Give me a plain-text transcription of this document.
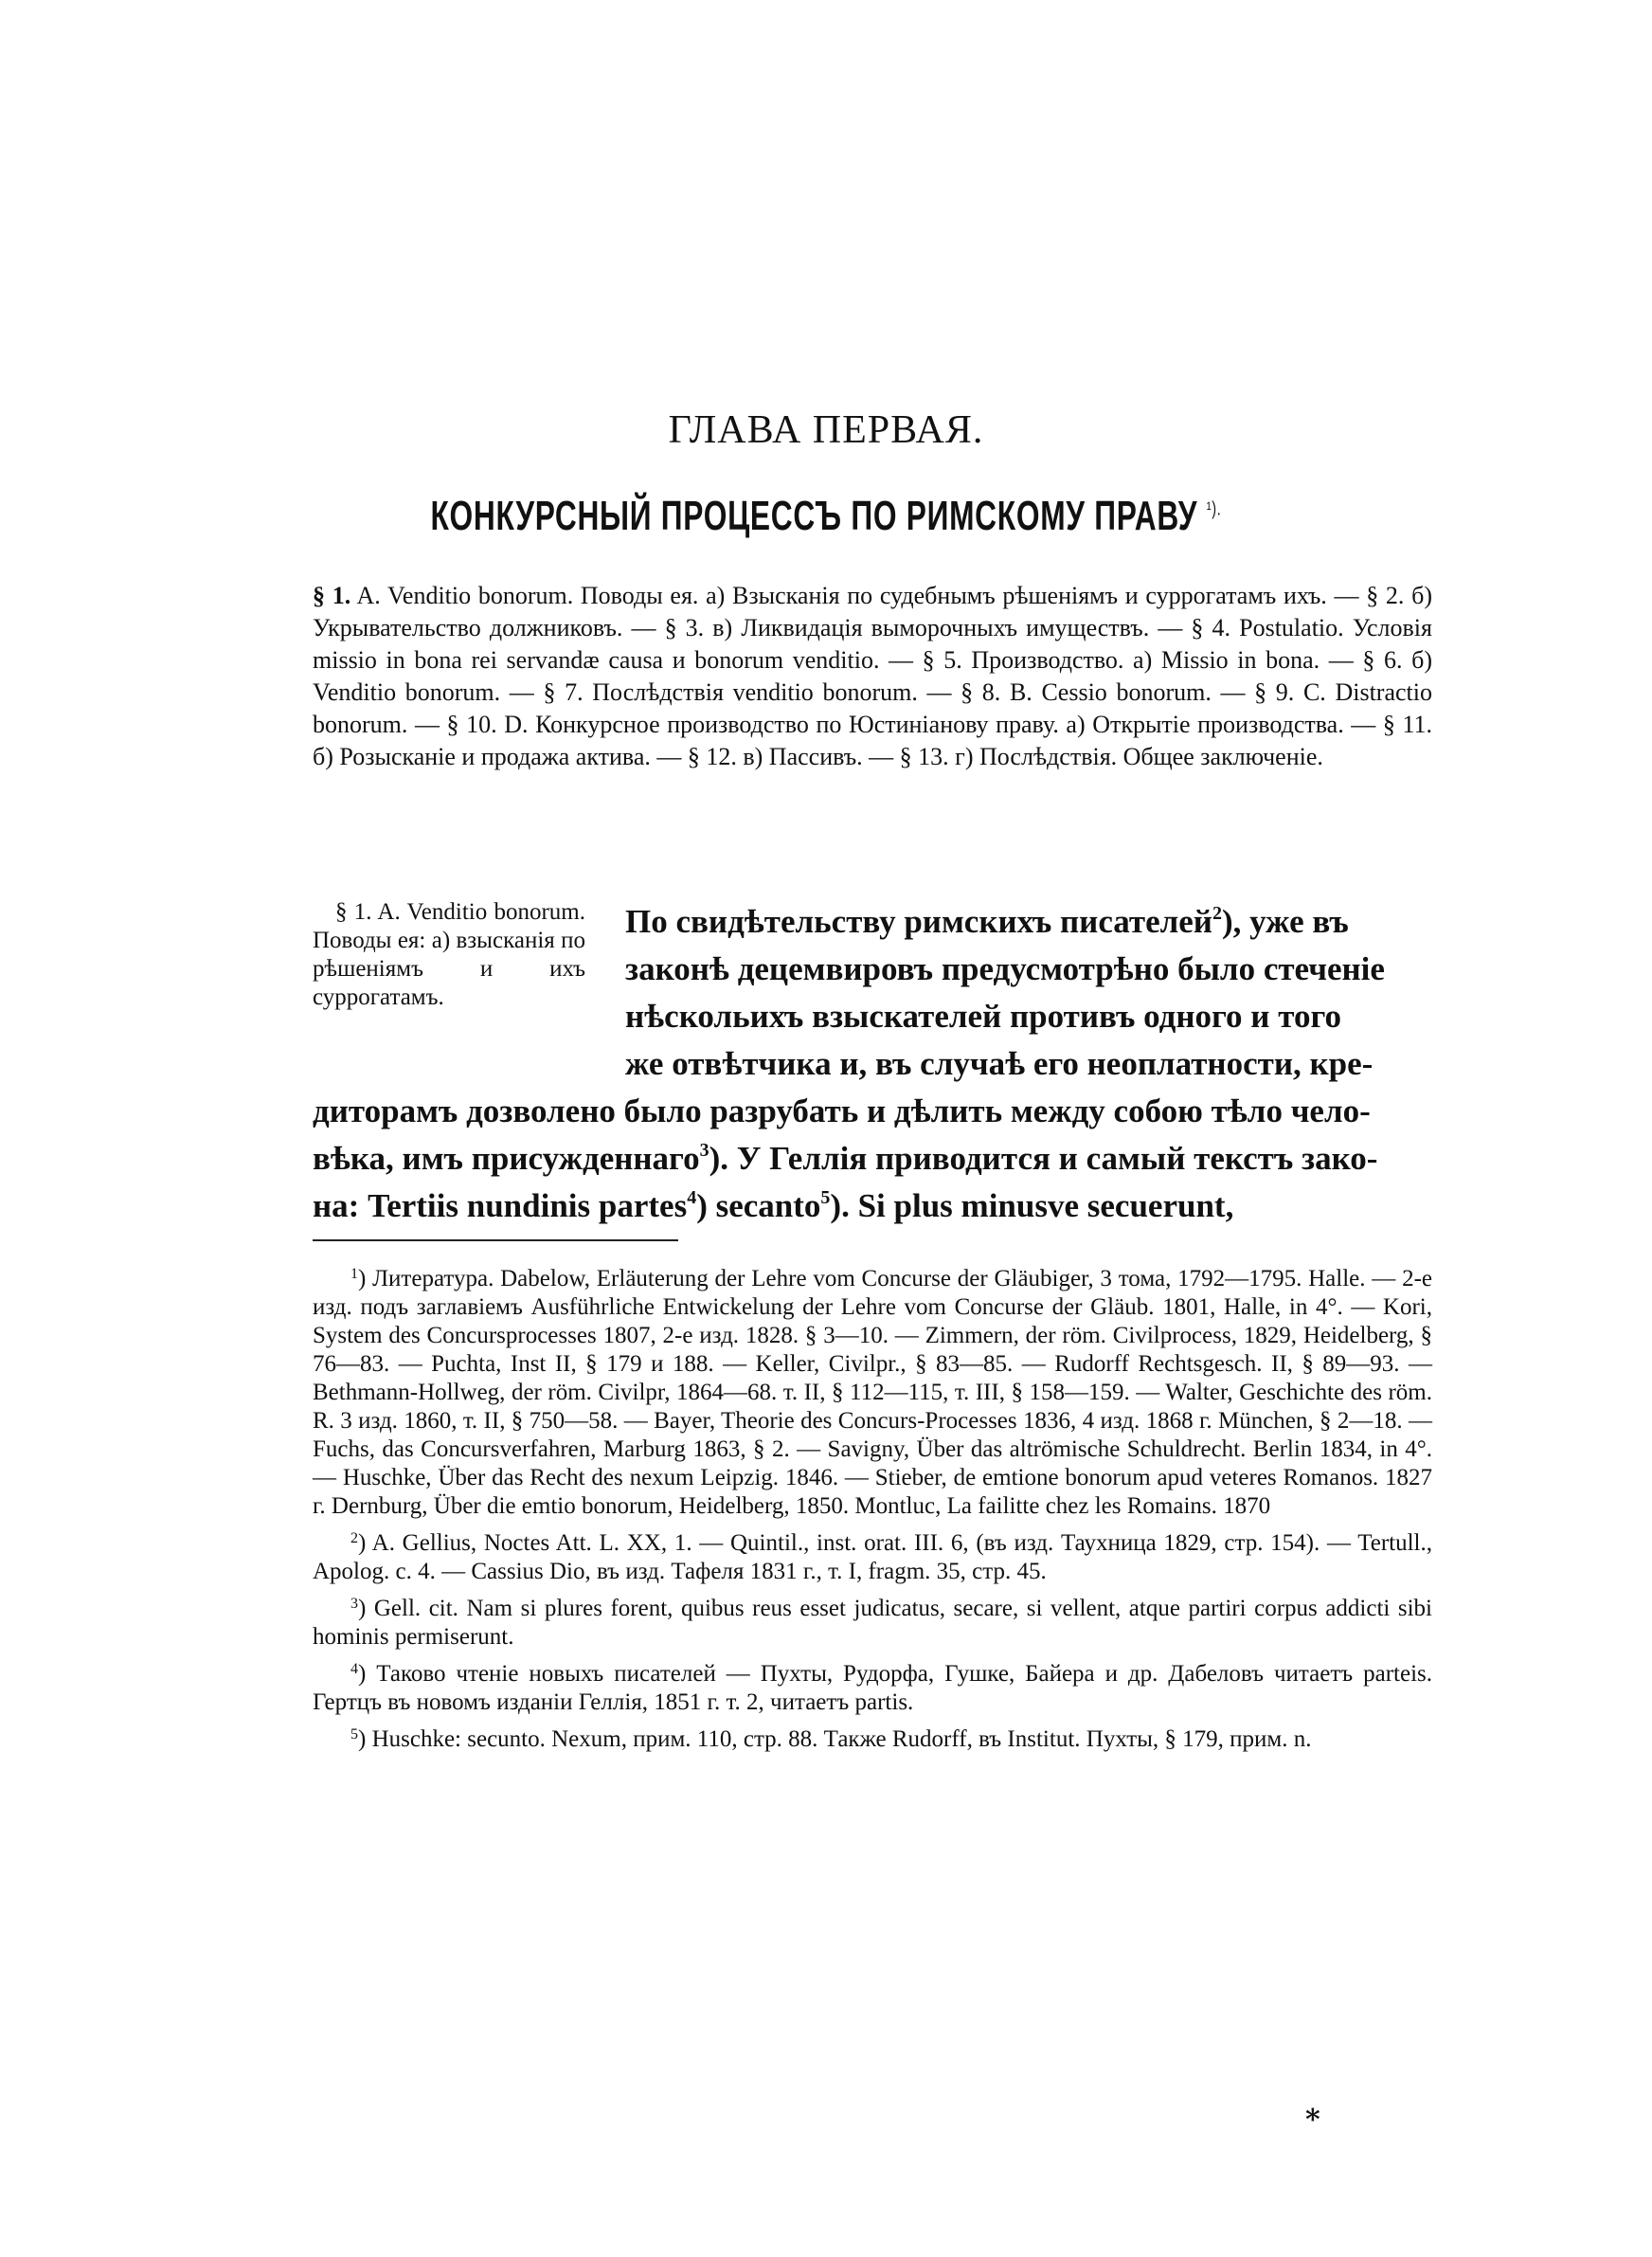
ГЛАВА ПЕРВАЯ.
КОНКУРСНЫЙ ПРОЦЕССЪ ПО РИМСКОМУ ПРАВУ $^{^1).}$
§ 1. A. Venditio bonorum. Поводы ея. a) Взысканія по судебнымъ рѣшеніямъ и суррогатамъ ихъ. — § 2. б) Укрывательство должниковъ. — § 3. в) Ликвидація выморочныхъ имуществъ. — § 4. Postulatio. Условія missio in bona rei servandæ causa и bonorum venditio. — § 5. Производство. a) Missio in bona. — § 6. б) Venditio bonorum. — § 7. Послѣдствія venditio bonorum. — § 8. B. Cessio bonorum. — § 9. C. Distractio bonorum. — § 10. D. Конкурсное производство по Юстиніанову праву. a) Открытіе производства. — § 11. б) Розысканіе и продажа актива. — § 12. в) Пассивъ. — § 13. г) Послѣдствія. Общее заключеніе.
§ 1. A. Venditio bonorum. Поводы ея: a) взысканія по рѣшеніямъ и ихъ суррогатамъ.
По свидѣтельству римскихъ писателей$^2$), уже въ
законѣ децемвировъ предусмотрѣно было стеченіе
нѣскольихъ взыскателей противъ одного и того
же отвѣтчика и, въ случаѣ его неоплатности, кре-
диторамъ дозволено было разрубать и дѣлить между собою тѣло чело-
вѣка, имъ присужденнаго$^3$). У Геллія приводится и самый текстъ зако-
на: Tertiis nundinis partes$^4$) secanto$^5$). Si plus minusve secuerunt,

$^1$) Литература. Dabelow, Erläuterung der Lehre vom Concurse der Gläubiger, 3 тома, 1792—1795. Halle. — 2-е изд. подъ заглавіемъ Ausführliche Entwickelung der Lehre vom Concurse der Gläub. 1801, Halle, in 4°. — Kori, System des Concursprocesses 1807, 2-е изд. 1828. § 3—10. — Zimmern, der röm. Civilprocess, 1829, Heidelberg, § 76—83. — Puchta, Inst II, § 179 и 188. — Keller, Civilpr., § 83—85. — Rudorff Rechtsgesch. II, § 89—93. — Bethmann-Hollweg, der röm. Civilpr, 1864—68. т. II, § 112—115, т. III, § 158—159. — Walter, Geschichte des röm. R. 3 изд. 1860, т. II, § 750—58. — Bayer, Theorie des Concurs-Processes 1836, 4 изд. 1868 г. München, § 2—18. — Fuchs, das Concursverfahren, Marburg 1863, § 2. — Savigny, Über das altrömische Schuldrecht. Berlin 1834, in 4°. — Huschke, Über das Recht des nexum Leipzig. 1846. — Stieber, de emtione bonorum apud veteres Romanos. 1827 г. Dernburg, Über die emtio bonorum, Heidelberg, 1850. Montluc, La failitte chez les Romains. 1870

$^2$) A. Gellius, Noctes Att. L. XX, 1. — Quintil., inst. orat. III. 6, (въ изд. Таухница 1829, стр. 154). — Tertull., Apolog. c. 4. — Cassius Dio, въ изд. Тафеля 1831 г., т. I, fragm. 35, стр. 45.

$^3$) Gell. cit. Nam si plures forent, quibus reus esset judicatus, secare, si vellent, atque partiri corpus addicti sibi hominis permiserunt.

$^4$) Таково чтеніе новыхъ писателей — Пухты, Рудорфа, Гушке, Байера и др. Дабеловъ читаетъ parteis. Гертцъ въ новомъ изданіи Геллія, 1851 г. т. 2, читаетъ partis.

$^5$) Huschke: secunto. Nexum, прим. 110, стр. 88. Также Rudorff, въ Institut. Пухты, § 179, прим. n.

*
